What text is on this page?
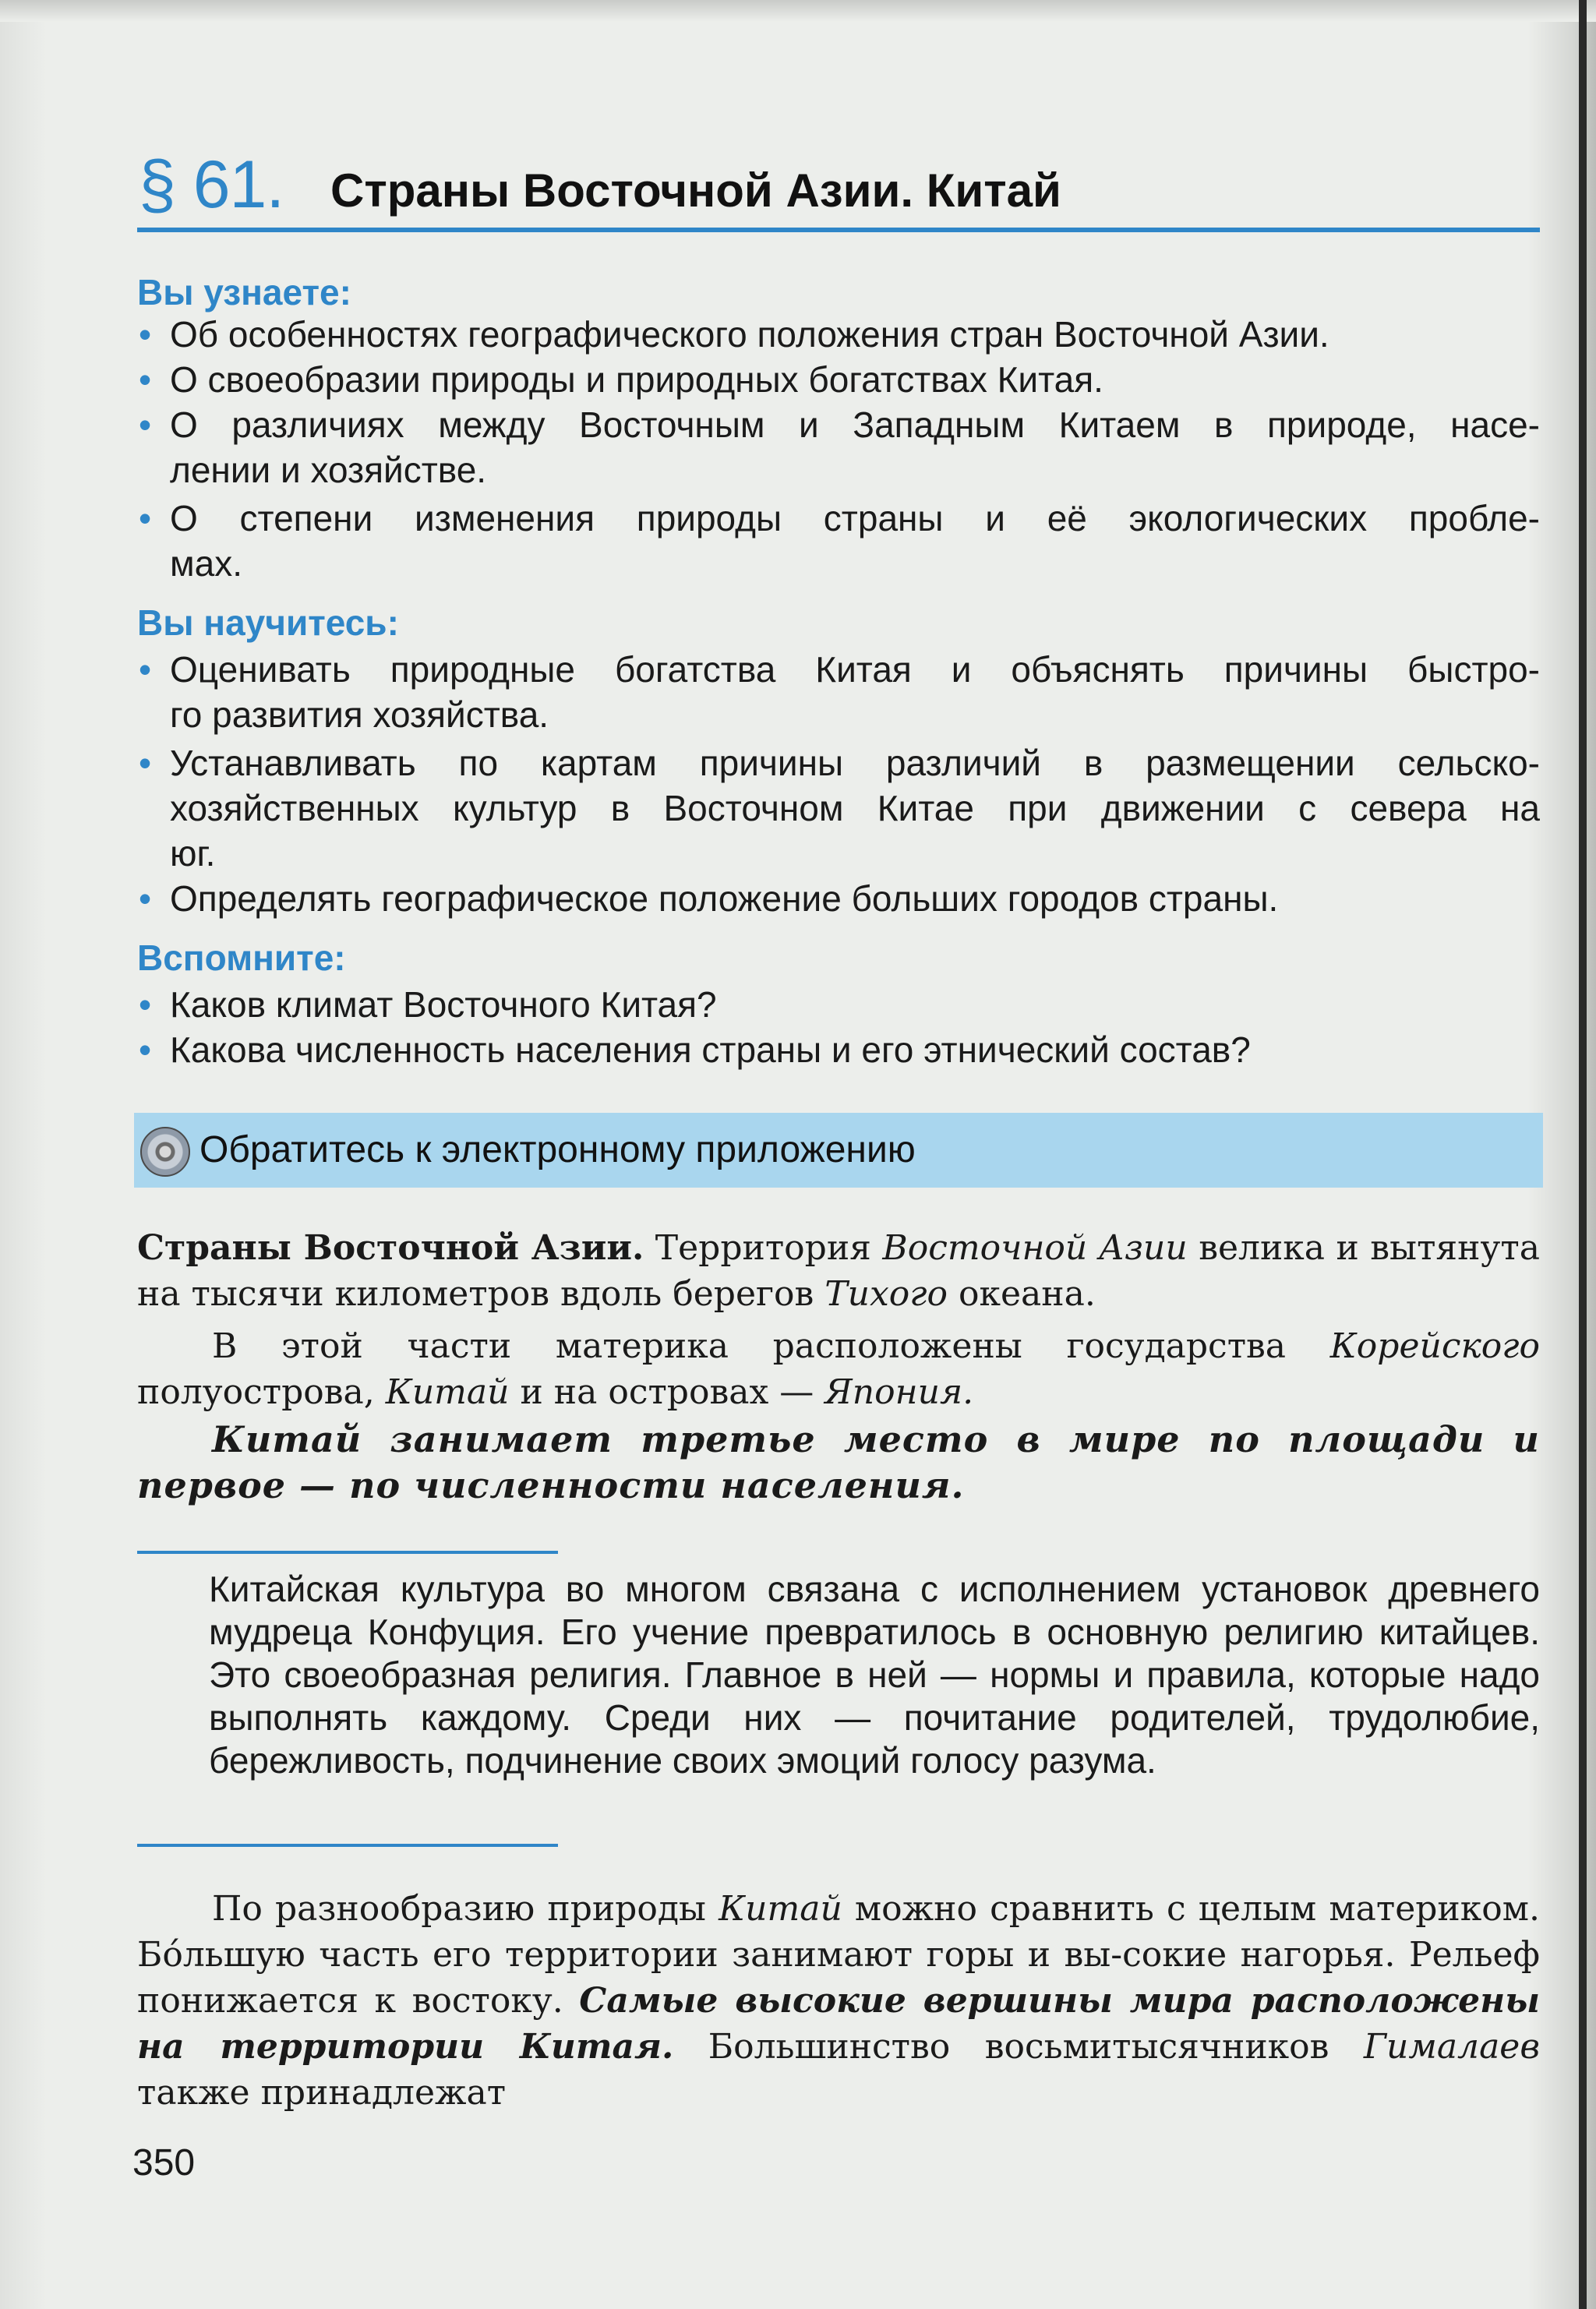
§ 61. Страны Восточной Азии. Китай
Вы узнаете:
• Об особенностях географического положения стран Восточной Азии.
• О своеобразии природы и природных богатствах Китая.
• О различиях между Восточным и Западным Китаем в природе, насе-
лении и хозяйстве.
• О степени изменения природы страны и её экологических пробле-
мах.
Вы научитесь:
• Оценивать природные богатства Китая и объяснять причины быстро-
го развития хозяйства.
• Устанавливать по картам причины различий в размещении сельско-
хозяйственных культур в Восточном Китае при движении с севера на
юг.
• Определять географическое положение больших городов страны.
Вспомните:
• Каков климат Восточного Китая?
• Какова численность населения страны и его этнический состав?
Обратитесь к электронному приложению
Страны Восточной Азии. Территория Восточной Азии велика и вытянута на тысячи километров вдоль берегов Тихого океана.
В этой части материка расположены государства Корейского полуострова, Китай и на островах — Япония.
Китай занимает третье место в мире по площади и первое — по численности населения.
Китайская культура во многом связана с исполнением установок древнего мудреца Конфуция. Его учение превратилось в основную религию китайцев. Это своеобразная религия. Главное в ней — нормы и правила, которые надо выполнять каждому. Среди них — почитание родителей, трудолюбие, бережливость, подчинение своих эмоций голосу разума.
По разнообразию природы Китай можно сравнить с целым материком. Бóльшую часть его территории занимают горы и вы-сокие нагорья. Рельеф понижается к востоку. Самые высокие вершины мира расположены на территории Китая. Большинство восьмитысячников Гималаев также принадлежат
350
